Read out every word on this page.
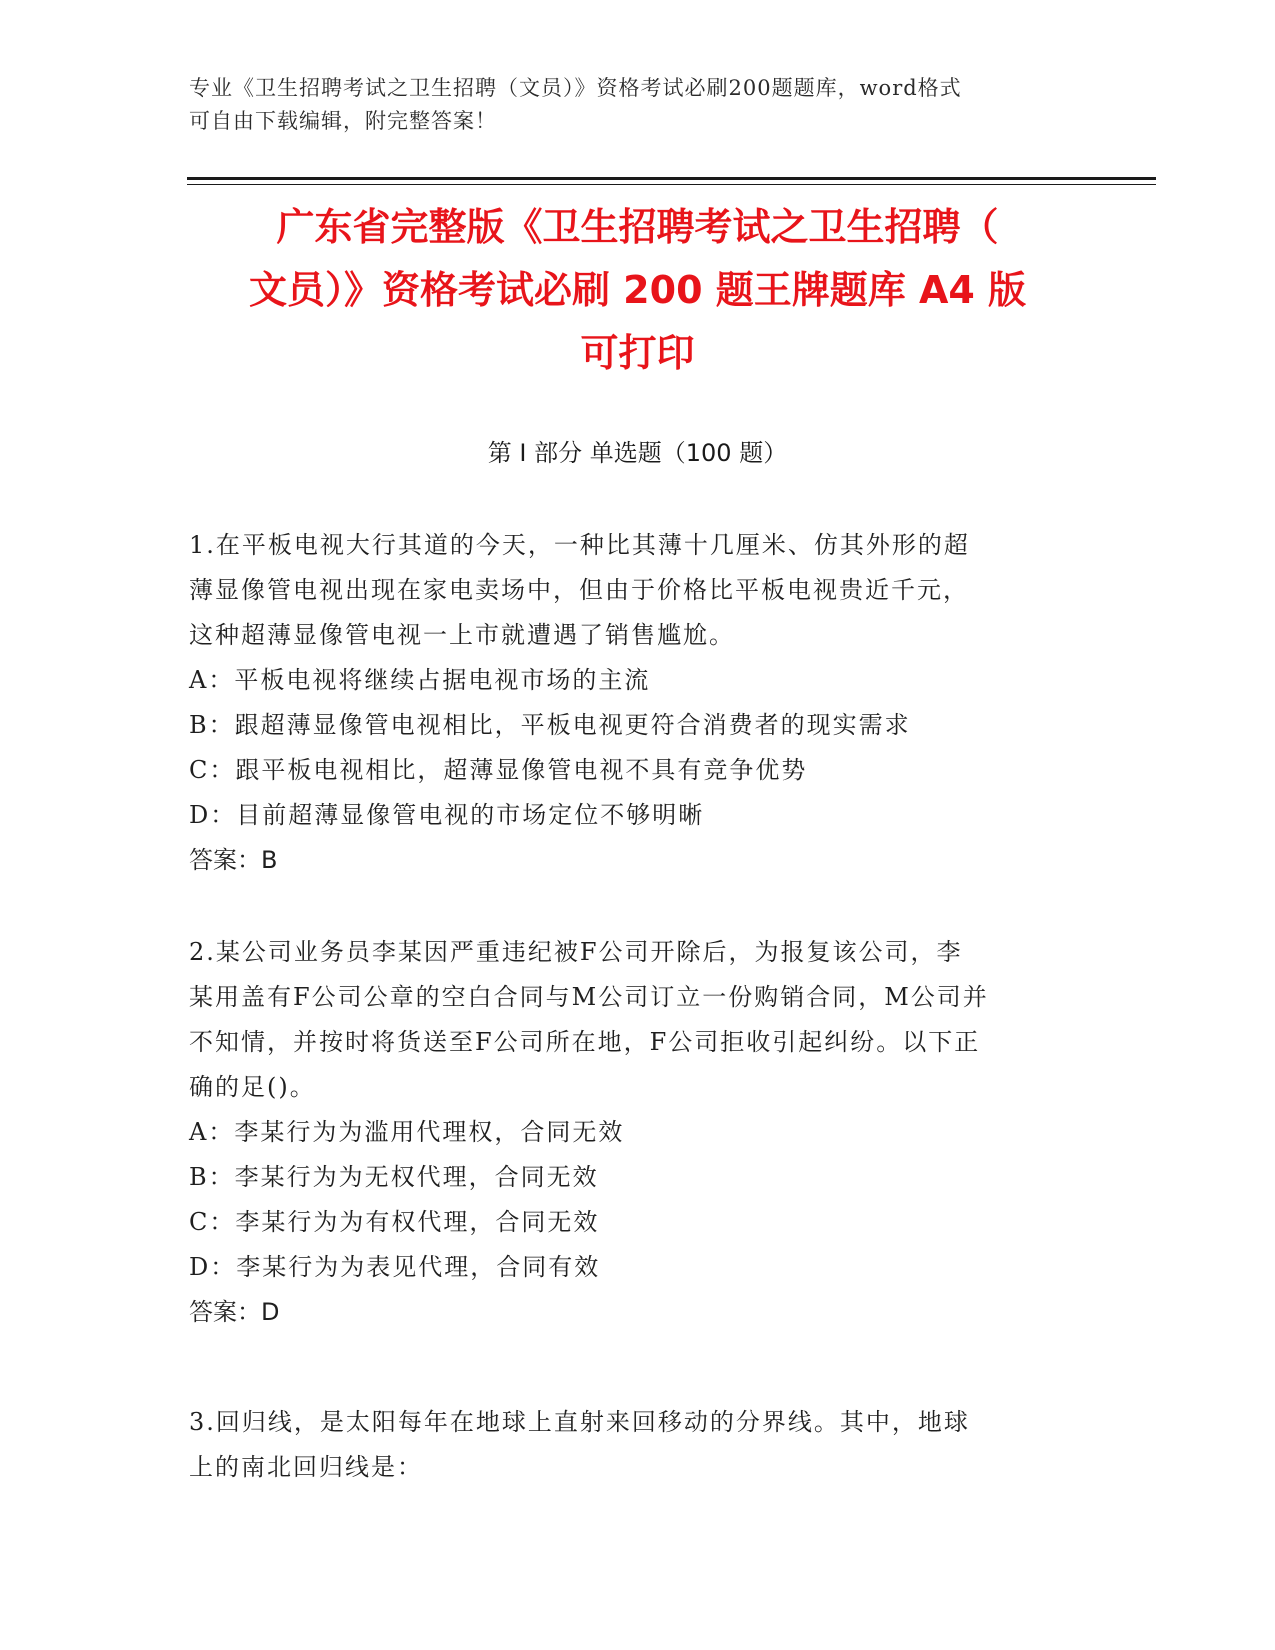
专业《卫生招聘考试之卫生招聘（文员）》资格考试必刷200题题库，word格式
可自由下载编辑，附完整答案！
广东省完整版《卫生招聘考试之卫生招聘（
文员）》资格考试必刷 200 题王牌题库 A4 版
可打印
第 I 部分 单选题（100 题）

1.在平板电视大行其道的今天，一种比其薄十几厘米、仿其外形的超

薄显像管电视出现在家电卖场中，但由于价格比平板电视贵近千元，

这种超薄显像管电视一上市就遭遇了销售尴尬。

A：平板电视将继续占据电视市场的主流

B：跟超薄显像管电视相比，平板电视更符合消费者的现实需求

C：跟平板电视相比，超薄显像管电视不具有竞争优势

D：目前超薄显像管电视的市场定位不够明晰

答案：B

2.某公司业务员李某因严重违纪被F公司开除后，为报复该公司，李

某用盖有F公司公章的空白合同与M公司订立一份购销合同，M公司并

不知情，并按时将货送至F公司所在地，F公司拒收引起纠纷。以下正

确的足()。

A：李某行为为滥用代理权，合同无效

B：李某行为为无权代理，合同无效

C：李某行为为有权代理，合同无效

D：李某行为为表见代理，合同有效

答案：D

3.回归线，是太阳每年在地球上直射来回移动的分界线。其中，地球

上的南北回归线是：
